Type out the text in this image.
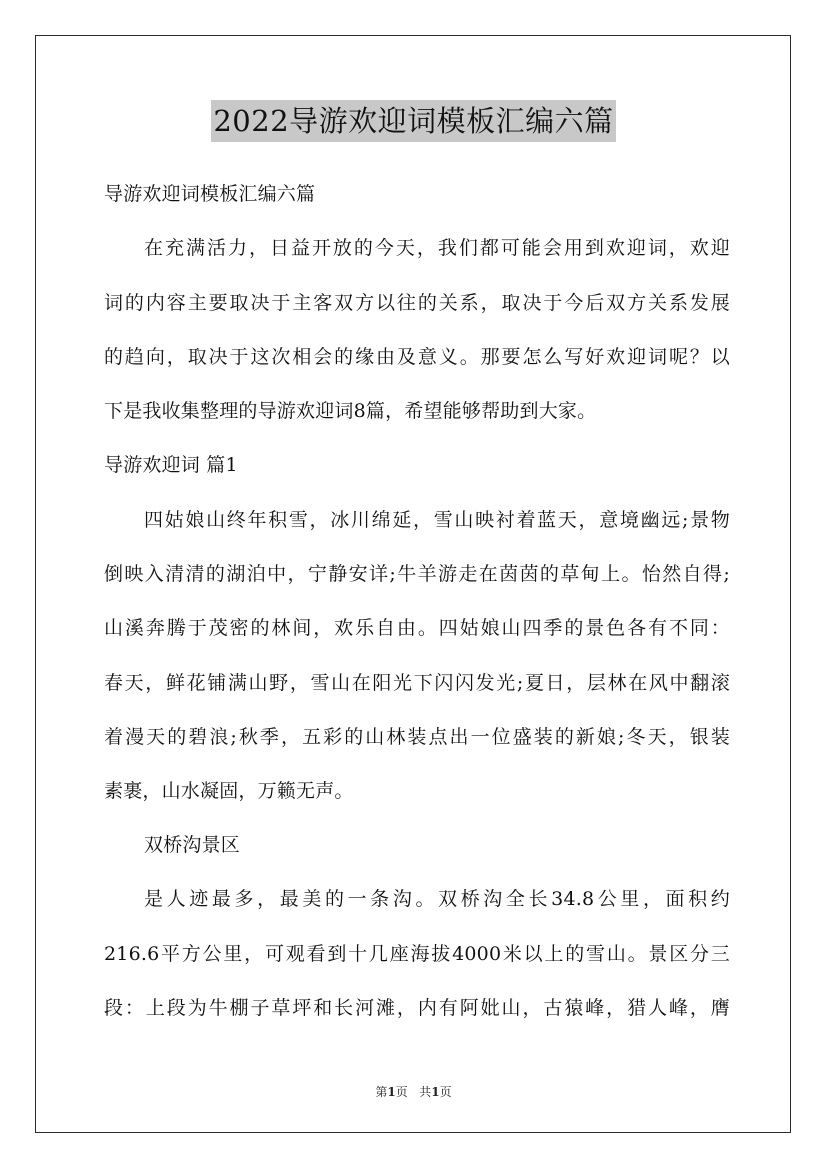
2022导游欢迎词模板汇编六篇
导游欢迎词模板汇编六篇
在充满活力，日益开放的今天，我们都可能会用到欢迎词，欢迎
词的内容主要取决于主客双方以往的关系，取决于今后双方关系发展
的趋向，取决于这次相会的缘由及意义。那要怎么写好欢迎词呢？以
下是我收集整理的导游欢迎词8篇，希望能够帮助到大家。
导游欢迎词 篇1
四姑娘山终年积雪，冰川绵延，雪山映衬着蓝天，意境幽远;景物
倒映入清清的湖泊中，宁静安详;牛羊游走在茵茵的草甸上。怡然自得;
山溪奔腾于茂密的林间，欢乐自由。四姑娘山四季的景色各有不同：
春天，鲜花铺满山野，雪山在阳光下闪闪发光;夏日，层林在风中翻滚
着漫天的碧浪;秋季，五彩的山林装点出一位盛装的新娘;冬天，银装
素裹，山水凝固，万籁无声。
双桥沟景区
是人迹最多，最美的一条沟。双桥沟全长34.8公里，面积约
216.6平方公里，可观看到十几座海拔4000米以上的雪山。景区分三
段：上段为牛棚子草坪和长河滩，内有阿妣山，古猿峰，猎人峰，膺
第1页   共1页
